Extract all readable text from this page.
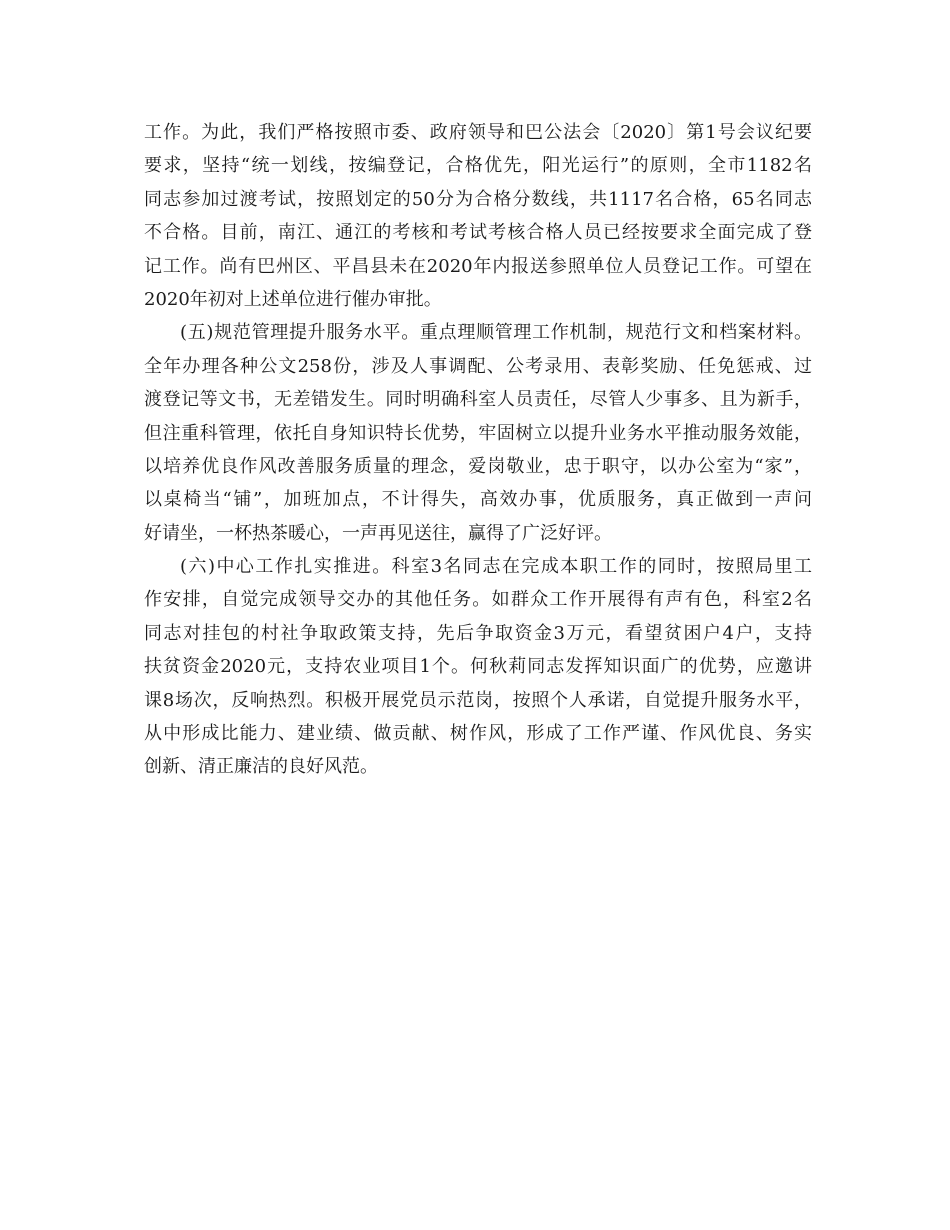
工作。为此，我们严格按照市委、政府领导和巴公法会〔2020〕第1号会议纪要
要求，坚持“统一划线，按编登记，合格优先，阳光运行”的原则，全市1182名
同志参加过渡考试，按照划定的50分为合格分数线，共1117名合格，65名同志
不合格。目前，南江、通江的考核和考试考核合格人员已经按要求全面完成了登
记工作。尚有巴州区、平昌县未在2020年内报送参照单位人员登记工作。可望在
2020年初对上述单位进行催办审批。
(五)规范管理提升服务水平。重点理顺管理工作机制，规范行文和档案材料。
全年办理各种公文258份，涉及人事调配、公考录用、表彰奖励、任免惩戒、过
渡登记等文书，无差错发生。同时明确科室人员责任，尽管人少事多、且为新手，
但注重科管理，依托自身知识特长优势，牢固树立以提升业务水平推动服务效能，
以培养优良作风改善服务质量的理念，爱岗敬业，忠于职守，以办公室为“家”，
以桌椅当“铺”，加班加点，不计得失，高效办事，优质服务，真正做到一声问
好请坐，一杯热茶暖心，一声再见送往，赢得了广泛好评。
(六)中心工作扎实推进。科室3名同志在完成本职工作的同时，按照局里工
作安排，自觉完成领导交办的其他任务。如群众工作开展得有声有色，科室2名
同志对挂包的村社争取政策支持，先后争取资金3万元，看望贫困户4户，支持
扶贫资金2020元，支持农业项目1个。何秋莉同志发挥知识面广的优势，应邀讲
课8场次，反响热烈。积极开展党员示范岗，按照个人承诺，自觉提升服务水平，
从中形成比能力、建业绩、做贡献、树作风，形成了工作严谨、作风优良、务实
创新、清正廉洁的良好风范。
